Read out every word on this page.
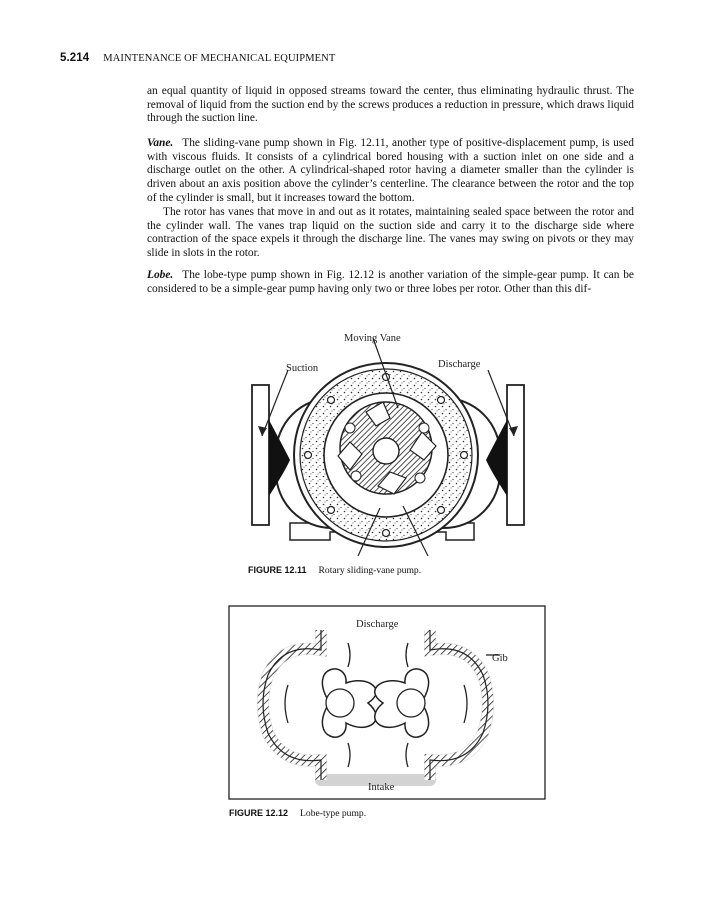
5.214 MAINTENANCE OF MECHANICAL EQUIPMENT

an equal quantity of liquid in opposed streams toward the center, thus eliminating hydraulic thrust. The removal of liquid from the suction end by the screws produces a reduction in pressure, which draws liquid through the suction line.

Vane. The sliding-vane pump shown in Fig. 12.11, another type of positive-displacement pump, is used with viscous fluids. It consists of a cylindrical bored housing with a suction inlet on one side and a discharge outlet on the other. A cylindrical-shaped rotor having a diameter smaller than the cylinder is driven about an axis position above the cylinder’s centerline. The clearance between the rotor and the top of the cylinder is small, but it increases toward the bottom.

The rotor has vanes that move in and out as it rotates, maintaining sealed space between the rotor and the cylinder wall. The vanes trap liquid on the suction side and carry it to the discharge side where contraction of the space expels it through the discharge line. The vanes may swing on pivots or they may slide in slots in the rotor.

Lobe. The lobe-type pump shown in Fig. 12.12 is another variation of the simple-gear pump. It can be considered to be a simple-gear pump having only two or three lobes per rotor. Other than this dif-

Moving Vane
Suction	Discharge
FIGURE 12.11 Rotary sliding-vane pump.
Discharge
Gib
Intake
FIGURE 12.12 Lobe-type pump.
